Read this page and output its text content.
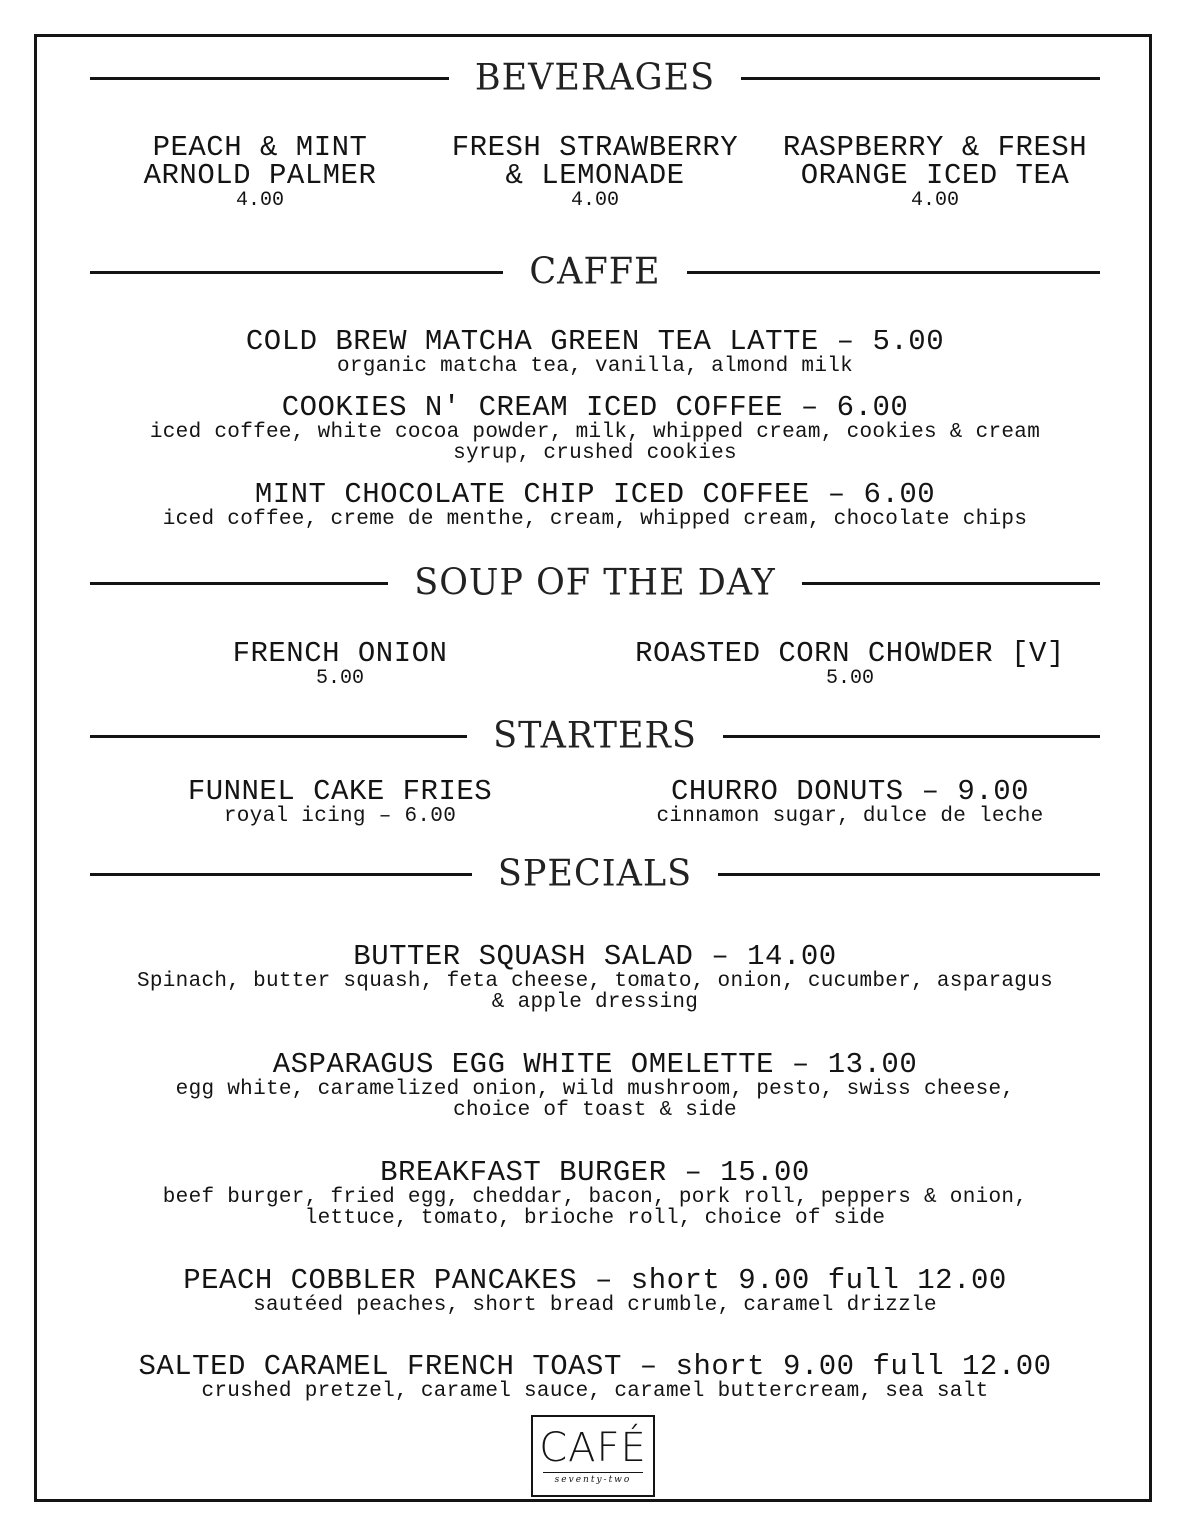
BEVERAGES
PEACH & MINT
ARNOLD PALMER
4.00
FRESH STRAWBERRY
& LEMONADE
4.00
RASPBERRY & FRESH
ORANGE ICED TEA
4.00
CAFFE
COLD BREW MATCHA GREEN TEA LATTE – 5.00
organic matcha tea, vanilla, almond milk
COOKIES N' CREAM ICED COFFEE – 6.00
iced coffee, white cocoa powder, milk, whipped cream, cookies & cream
syrup, crushed cookies
MINT CHOCOLATE CHIP ICED COFFEE – 6.00
iced coffee, creme de menthe, cream, whipped cream, chocolate chips
SOUP OF THE DAY
FRENCH ONION
5.00
ROASTED CORN CHOWDER [V]
5.00
STARTERS
FUNNEL CAKE FRIES
royal icing – 6.00
CHURRO DONUTS – 9.00
cinnamon sugar, dulce de leche
SPECIALS
BUTTER SQUASH SALAD – 14.00
Spinach, butter squash, feta cheese, tomato, onion, cucumber, asparagus
& apple dressing
ASPARAGUS EGG WHITE OMELETTE – 13.00
egg white, caramelized onion, wild mushroom, pesto, swiss cheese,
choice of toast & side
BREAKFAST BURGER – 15.00
beef burger, fried egg, cheddar, bacon, pork roll, peppers & onion,
lettuce, tomato, brioche roll, choice of side
PEACH COBBLER PANCAKES – short 9.00 full 12.00
sautéed peaches, short bread crumble, caramel drizzle
SALTED CARAMEL FRENCH TOAST – short 9.00 full 12.00
crushed pretzel, caramel sauce, caramel buttercream, sea salt
CAFÉ
seventy-two
